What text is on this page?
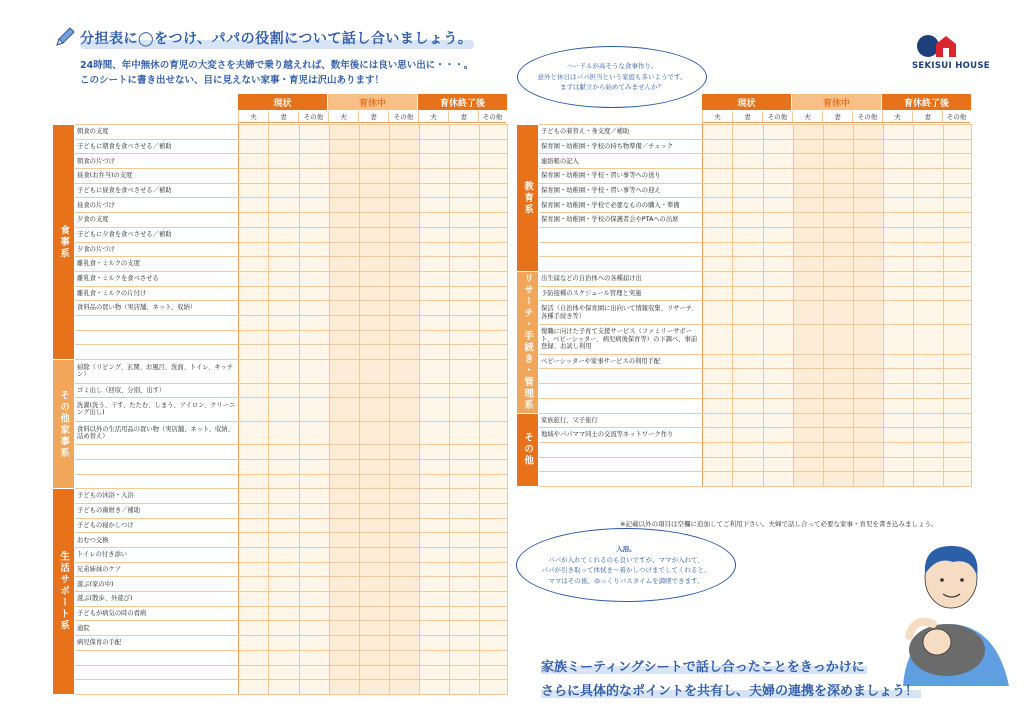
分担表に◯をつけ、パパの役割について話し合いましょう。
24時間、年中無休の育児の大変さを夫婦で乗り越えれば、数年後には良い思い出に・・・。
このシートに書き出せない、目に見えない家事・育児は沢山あります！
SEKISUI HOUSE
ハードルが高そうな食事作り。
意外と休日はパパ担当という家庭も多いようです。
まずは献立から始めてみませんか？
現状	育休中	育休終了後
夫	妻	その他	夫	妻	その他	夫	妻	その他
食事系	朝食の支度									
	子どもに朝食を食べさせる／補助									
	朝食の片づけ									
	昼食(お弁当)の支度									
	子どもに昼食を食べさせる／補助									
	昼食の片づけ									
	夕食の支度									
	子どもに夕食を食べさせる／補助									
	夕食の片づけ									
	離乳食・ミルクの支度									
	離乳食・ミルクを食べさせる									
	離乳食・ミルクの片付け									
	食料品の買い物（実店舗、ネット、収納）									

その他家事系	掃除（リビング、玄関、お風呂、洗面、トイレ、キッチン）									
	ゴミ出し（回収、分別、出す）									
	洗濯(洗う、干す、たたむ、しまう、アイロン、クリーニング出し)									
	食料以外の生活用品の買い物（実店舗、ネット、収納、詰め替え）									

生活サポート系	子どもの沐浴・入浴									
	子どもの歯磨き／補助									
	子どもの寝かしつけ									
	おむつ交換									
	トイレの付き添い									
	兄弟姉妹のケア									
	遊ぶ(家の中)									
	遊ぶ(散歩、外遊び)									
	子どもが病気の時の看病									
	通院									
	病児保育の手配									

現状	育休中	育休終了後
夫	妻	その他	夫	妻	その他	夫	妻	その他
教育系	子どもの着替え・身支度／補助									
	保育園・幼稚園・学校の持ち物準備／チェック									
	連絡帳の記入									
	保育園・幼稚園・学校・習い事等への送り									
	保育園・幼稚園・学校・習い事等への迎え									
	保育園・幼稚園・学校で必要なものの購入・準備									
	保育園・幼稚園・学校の保護者会やPTAへの出席									

リサーチ・手続き・管理系	出生届などの自治体への各種届け出									
	予防接種のスケジュール管理と実施									
	保活（自治体や保育園に出向いて情報収集、リサーチ、各種手続き等）									
	復職に向けた子育て支援サービス（ファミリーサポート、ベビーシッター、病児病後保育等）の下調べ、事前登録、お試し利用									
	ベビーシッターや家事サービスの利用手配									

その他	家族旅行、父子旅行									
	地域やパパママ同士の交流等ネットワーク作り									

※記載以外の項目は空欄に追加してご利用下さい。夫婦で話し合って必要な家事・育児を書き込みましょう。
入浴。
パパが入れてくれるのも良いですが、ママが入れて、
パパが引き取って体拭き〜着かしつけまでしてくれると、
ママはその後、ゆっくりバスタイムを満喫できます。
家族ミーティングシートで話し合ったことをきっかけに
さらに具体的なポイントを共有し、夫婦の連携を深めましょう！
